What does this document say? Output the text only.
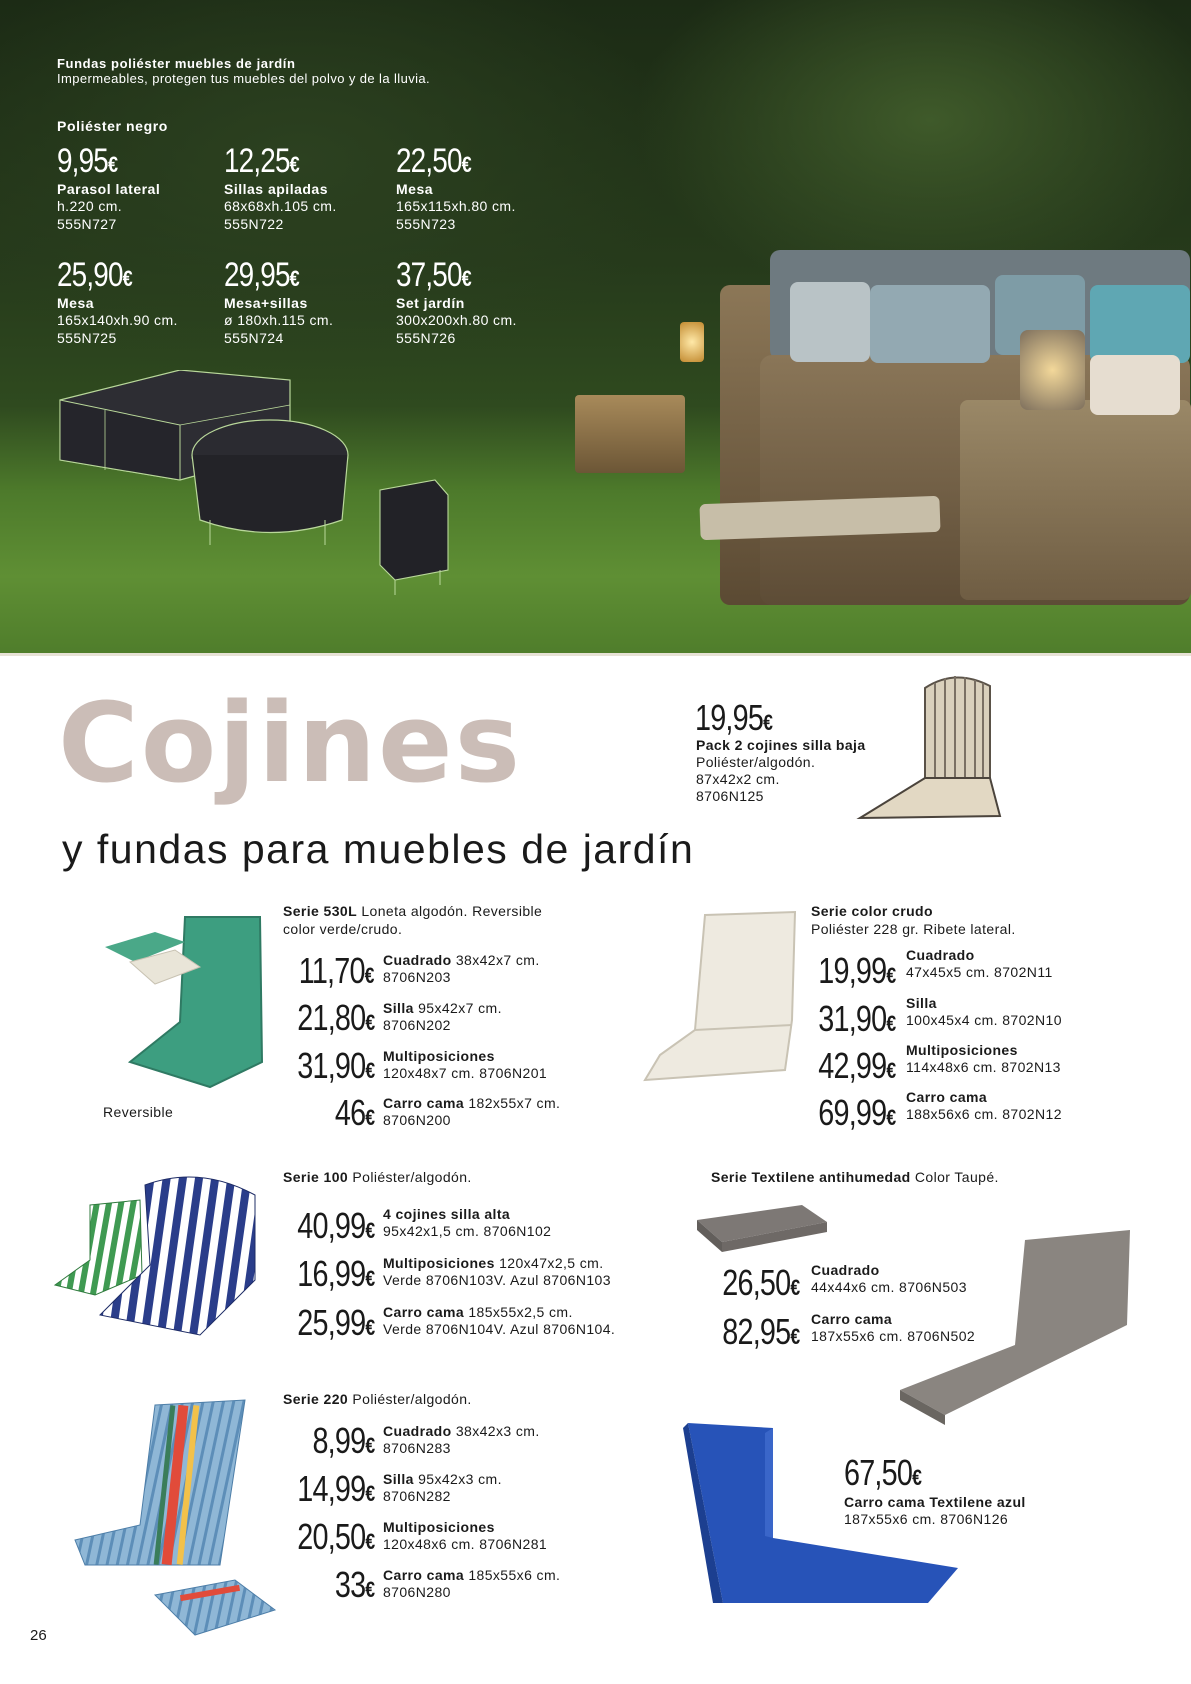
Fundas poliéster muebles de jardín
Impermeables, protegen tus muebles del polvo y de la lluvia.
Poliéster negro
9,95€
Parasol lateral
h.220 cm.
555N727
12,25€
Sillas apiladas
68x68xh.105 cm.
555N722
22,50€
Mesa
165x115xh.80 cm.
555N723
25,90€
Mesa
165x140xh.90 cm.
555N725
29,95€
Mesa+sillas
ø 180xh.115 cm.
555N724
37,50€
Set jardín
300x200xh.80 cm.
555N726
Cojines
y fundas para muebles de jardín
19,95€
Pack 2 cojines silla baja
Poliéster/algodón.
87x42x2 cm.
8706N125
Reversible
Serie 530L Loneta algodón. Reversible
color verde/crudo.
11,70€
Cuadrado 38x42x7 cm.
8706N203
21,80€
Silla 95x42x7 cm.
8706N202
31,90€
Multiposiciones
120x48x7 cm. 8706N201
46€
Carro cama 182x55x7 cm.
8706N200
Serie color crudo
Poliéster 228 gr. Ribete lateral.
19,99€
Cuadrado
47x45x5 cm. 8702N11
31,90€
Silla
100x45x4 cm. 8702N10
42,99€
Multiposiciones
114x48x6 cm. 8702N13
69,99€
Carro cama
188x56x6 cm. 8702N12
Serie 100 Poliéster/algodón.
40,99€
4 cojines silla alta
95x42x1,5 cm. 8706N102
16,99€
Multiposiciones 120x47x2,5 cm.
Verde 8706N103V. Azul 8706N103
25,99€
Carro cama 185x55x2,5 cm.
Verde 8706N104V. Azul 8706N104.
Serie Textilene antihumedad Color Taupé.
26,50€
Cuadrado
44x44x6 cm. 8706N503
82,95€
Carro cama
187x55x6 cm. 8706N502
Serie 220 Poliéster/algodón.
8,99€
Cuadrado 38x42x3 cm.
8706N283
14,99€
Silla 95x42x3 cm.
8706N282
20,50€
Multiposiciones
120x48x6 cm. 8706N281
33€
Carro cama 185x55x6 cm.
8706N280
67,50€
Carro cama Textilene azul
187x55x6 cm. 8706N126
26
